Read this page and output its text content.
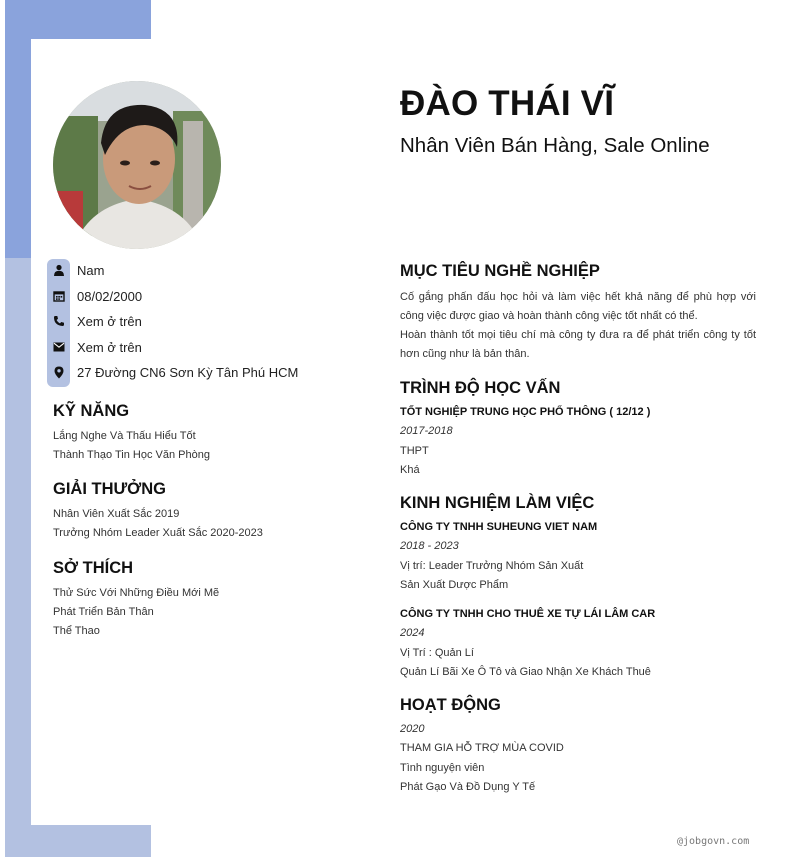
ĐÀO THÁI VĨ
Nhân Viên Bán Hàng, Sale Online
Nam
08/02/2000
Xem ở trên
Xem ở trên
27 Đường CN6 Sơn Kỳ Tân Phú HCM
KỸ NĂNG
Lắng Nghe Và Thấu Hiểu Tốt
Thành Thạo Tin Học Văn Phòng
GIẢI THƯỞNG
Nhân Viên Xuất Sắc 2019
Trưởng Nhóm Leader Xuất Sắc 2020-2023
SỞ THÍCH
Thử Sức Với Những Điều Mới Mẽ
Phát Triển Bản Thân
Thể Thao
MỤC TIÊU NGHỀ NGHIỆP
Cố gắng phấn đấu học hỏi và làm việc hết khả năng để phù hợp với công việc được giao và hoàn thành công việc tốt nhất có thể.
Hoàn thành tốt mọi tiêu chí mà công ty đưa ra để phát triển công ty tốt hơn cũng như là bản thân.
TRÌNH ĐỘ HỌC VẤN
TỐT NGHIỆP TRUNG HỌC PHỔ THÔNG ( 12/12 )
2017-2018
THPT
Khá
KINH NGHIỆM LÀM VIỆC
CÔNG TY TNHH SUHEUNG VIET NAM
2018 - 2023
Vị trí: Leader Trưởng Nhóm Sản Xuất
Sản Xuất Dược Phẩm
CÔNG TY TNHH CHO THUÊ XE TỰ LÁI LÂM CAR
2024
Vị Trí : Quản Lí
Quản Lí Bãi Xe Ô Tô và Giao Nhận Xe Khách Thuê
HOẠT ĐỘNG
2020
THAM GIA HỖ TRỢ MÙA COVID
Tình nguyện viên
Phát Gạo Và Đồ Dụng Y Tế
@jobgovn.com
